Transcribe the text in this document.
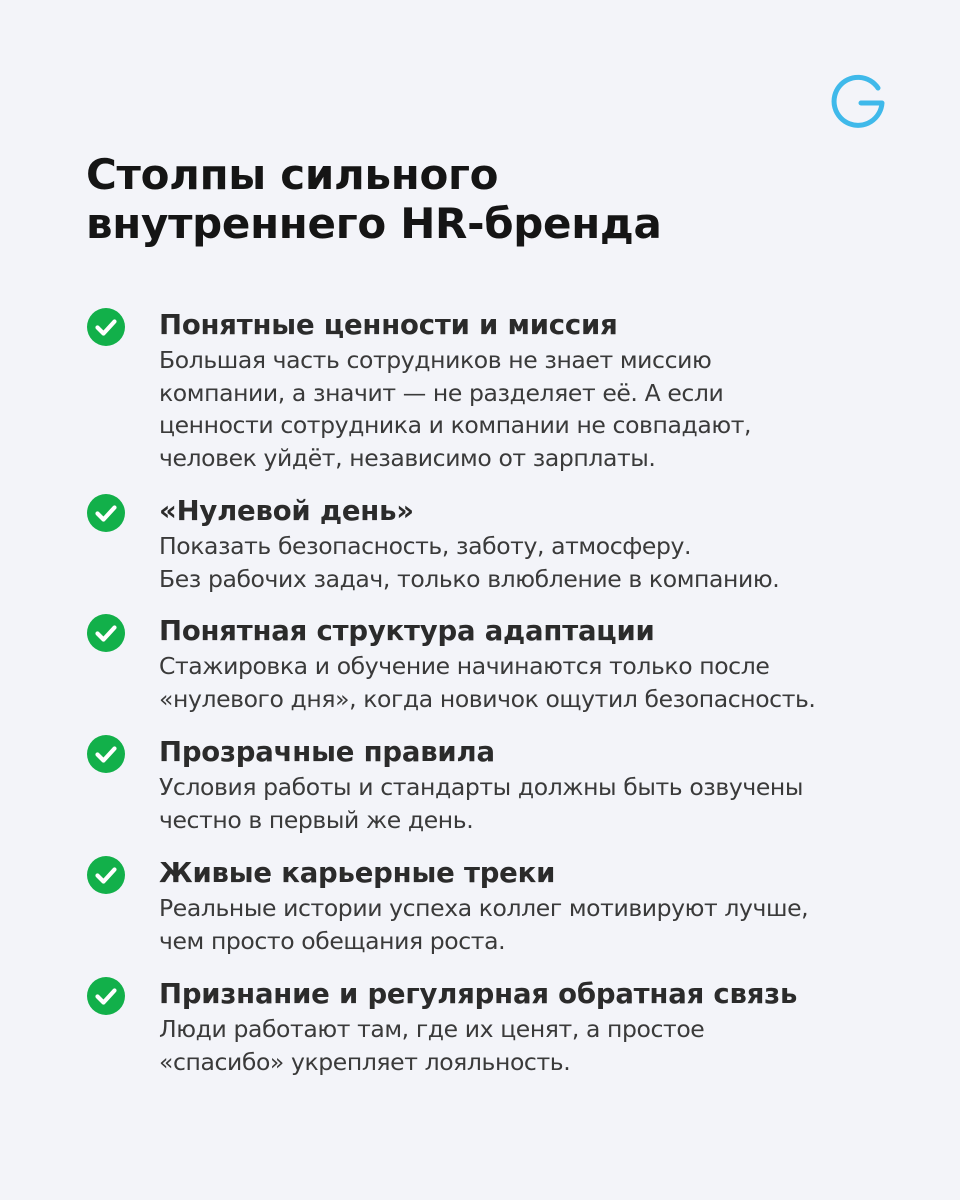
Столпы сильного
внутреннего HR-бренда
Понятные ценности и миссия
Большая часть сотрудников не знает миссию
компании, а значит — не разделяет её. А если
ценности сотрудника и компании не совпадают,
человек уйдёт, независимо от зарплаты.
«Нулевой день»
Показать безопасность, заботу, атмосферу.
Без рабочих задач, только влюбление в компанию.
Понятная структура адаптации
Стажировка и обучение начинаются только после
«нулевого дня», когда новичок ощутил безопасность.
Прозрачные правила
Условия работы и стандарты должны быть озвучены
честно в первый же день.
Живые карьерные треки
Реальные истории успеха коллег мотивируют лучше,
чем просто обещания роста.
Признание и регулярная обратная связь
Люди работают там, где их ценят, а простое
«спасибо» укрепляет лояльность.
